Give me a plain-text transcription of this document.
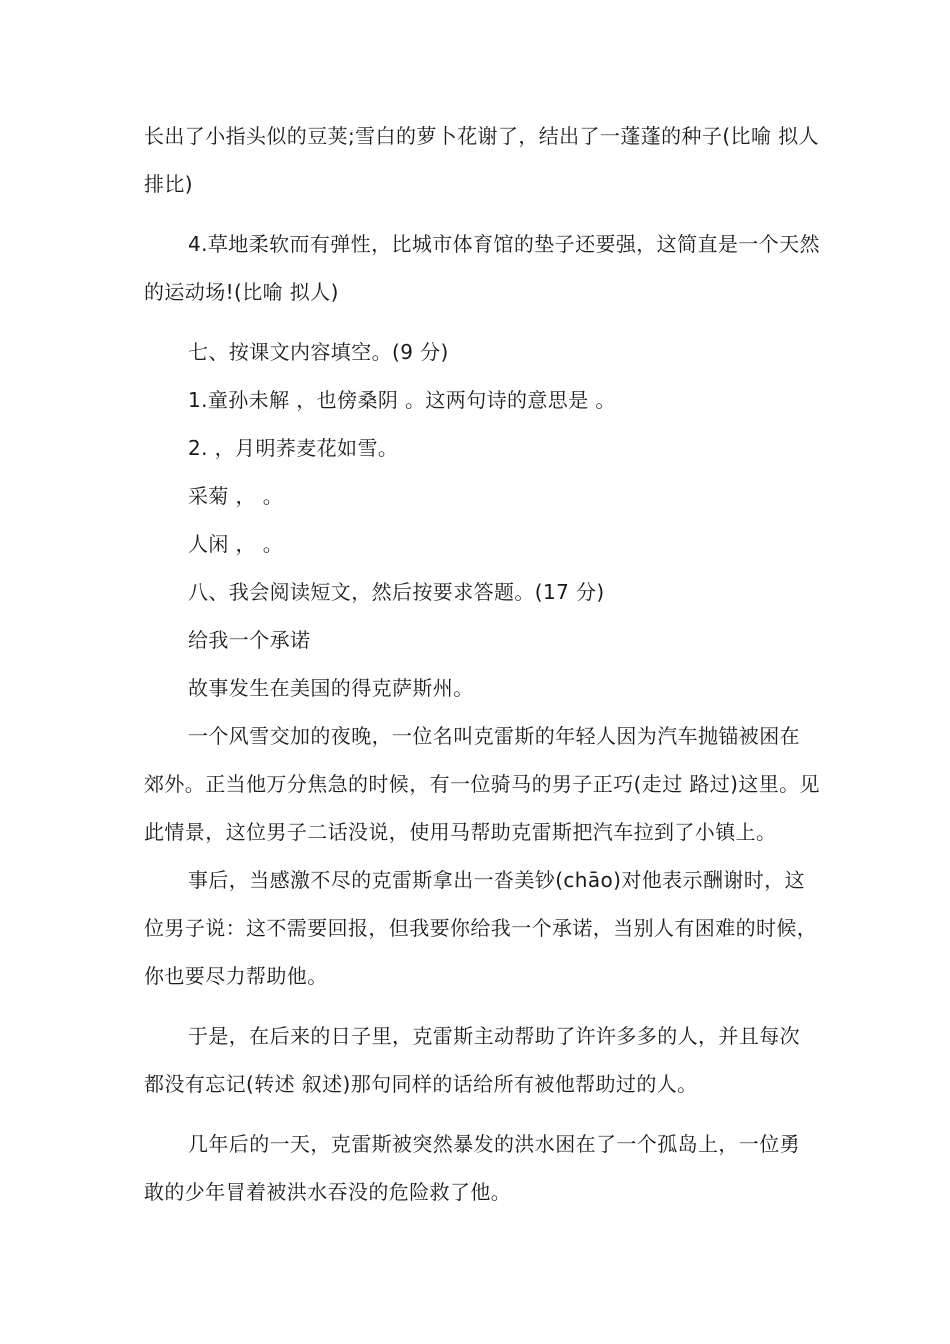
长出了小指头似的豆荚;雪白的萝卜花谢了，结出了一蓬蓬的种子(比喻 拟人 排比)

4.草地柔软而有弹性，比城市体育馆的垫子还要强，这简直是一个天然的运动场!(比喻 拟人)

七、按课文内容填空。(9 分)

1.童孙未解 ，也傍桑阴 。这两句诗的意思是 。

2. ，月明荞麦花如雪。

采菊 ， 。

人闲 ， 。

八、我会阅读短文，然后按要求答题。(17 分)

给我一个承诺

故事发生在美国的得克萨斯州。

一个风雪交加的夜晚，一位名叫克雷斯的年轻人因为汽车抛锚被困在郊外。正当他万分焦急的时候，有一位骑马的男子正巧(走过 路过)这里。见此情景，这位男子二话没说，使用马帮助克雷斯把汽车拉到了小镇上。

事后，当感激不尽的克雷斯拿出一沓美钞(chāo)对他表示酬谢时，这位男子说：这不需要回报，但我要你给我一个承诺，当别人有困难的时候，你也要尽力帮助他。

于是，在后来的日子里，克雷斯主动帮助了许许多多的人，并且每次都没有忘记(转述 叙述)那句同样的话给所有被他帮助过的人。

几年后的一天，克雷斯被突然暴发的洪水困在了一个孤岛上，一位勇敢的少年冒着被洪水吞没的危险救了他。
